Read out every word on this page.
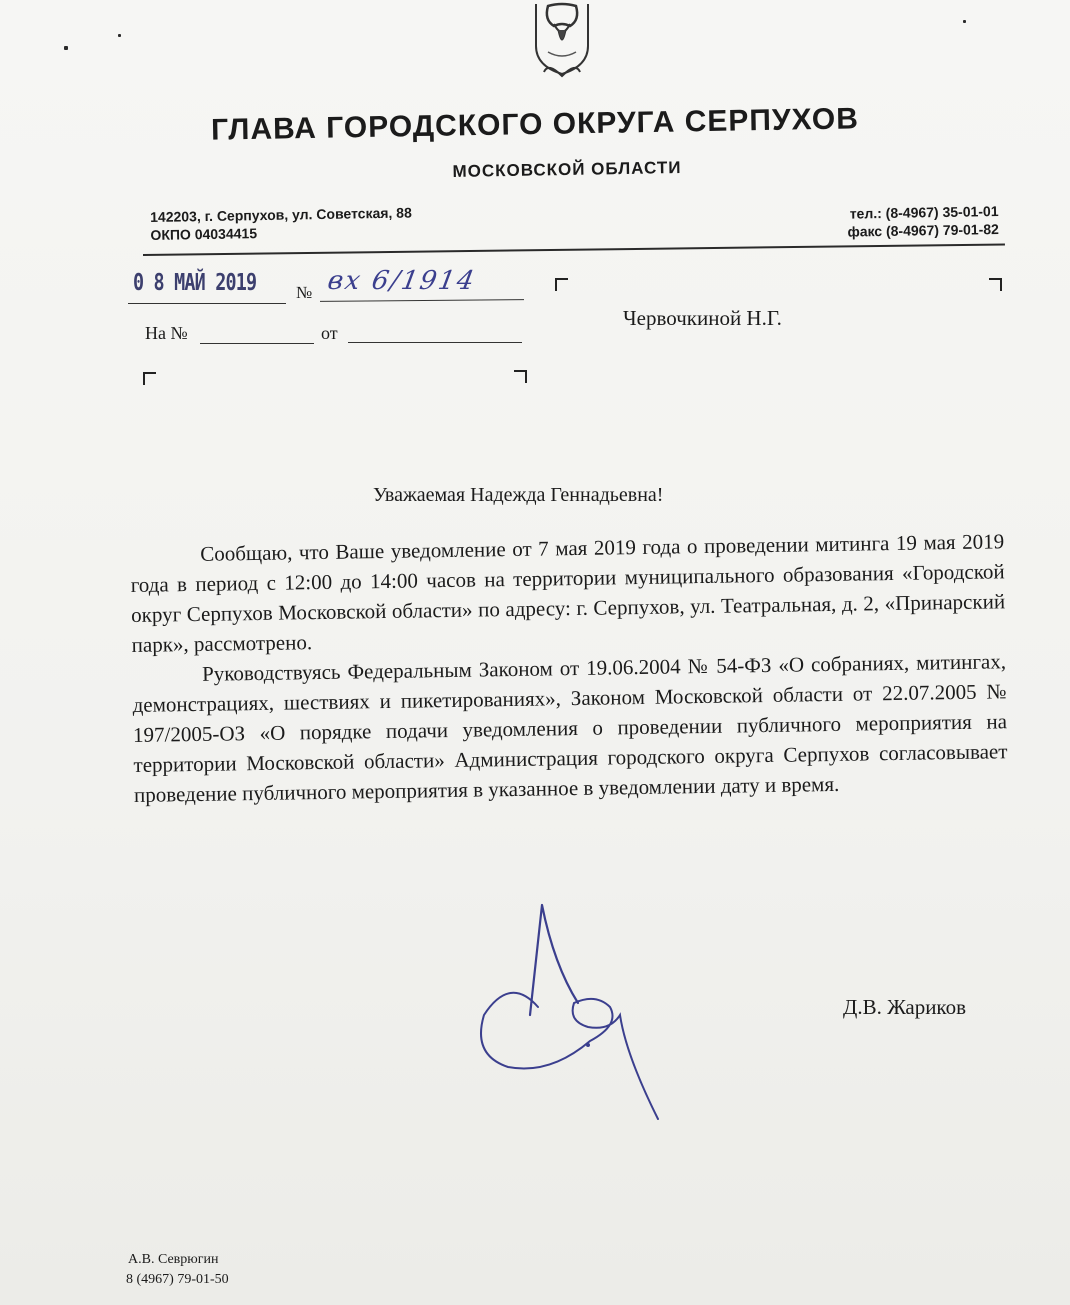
ГЛАВА ГОРОДСКОГО ОКРУГА СЕРПУХОВ
МОСКОВСКОЙ ОБЛАСТИ
142203, г. Серпухов, ул. Советская, 88
ОКПО 04034415
тел.: (8-4967) 35-01-01
факс (8-4967) 79-01-82
0 8 МАЙ 2019 № вх 6/1914
На №	от
Червочкиной Н.Г.
Уважаемая Надежда Геннадьевна!

Сообщаю, что Ваше уведомление от 7 мая 2019 года о проведении митинга 19 мая 2019 года в период с 12:00 до 14:00 часов на территории муниципального образования «Городской округ Серпухов Московской области» по адресу: г. Серпухов, ул. Театральная, д. 2, «Принарский парк», рассмотрено.

Руководствуясь Федеральным Законом от 19.06.2004 № 54-ФЗ «О собраниях, митингах, демонстрациях, шествиях и пикетированиях», Законом Московской области от 22.07.2005 № 197/2005-ОЗ «О порядке подачи уведомления о проведении публичного мероприятия на территории Московской области» Администрация городского округа Серпухов согласовывает проведение публичного мероприятия в указанное в уведомлении дату и время.

Д.В. Жариков
А.В. Севрюгин
8 (4967) 79-01-50
